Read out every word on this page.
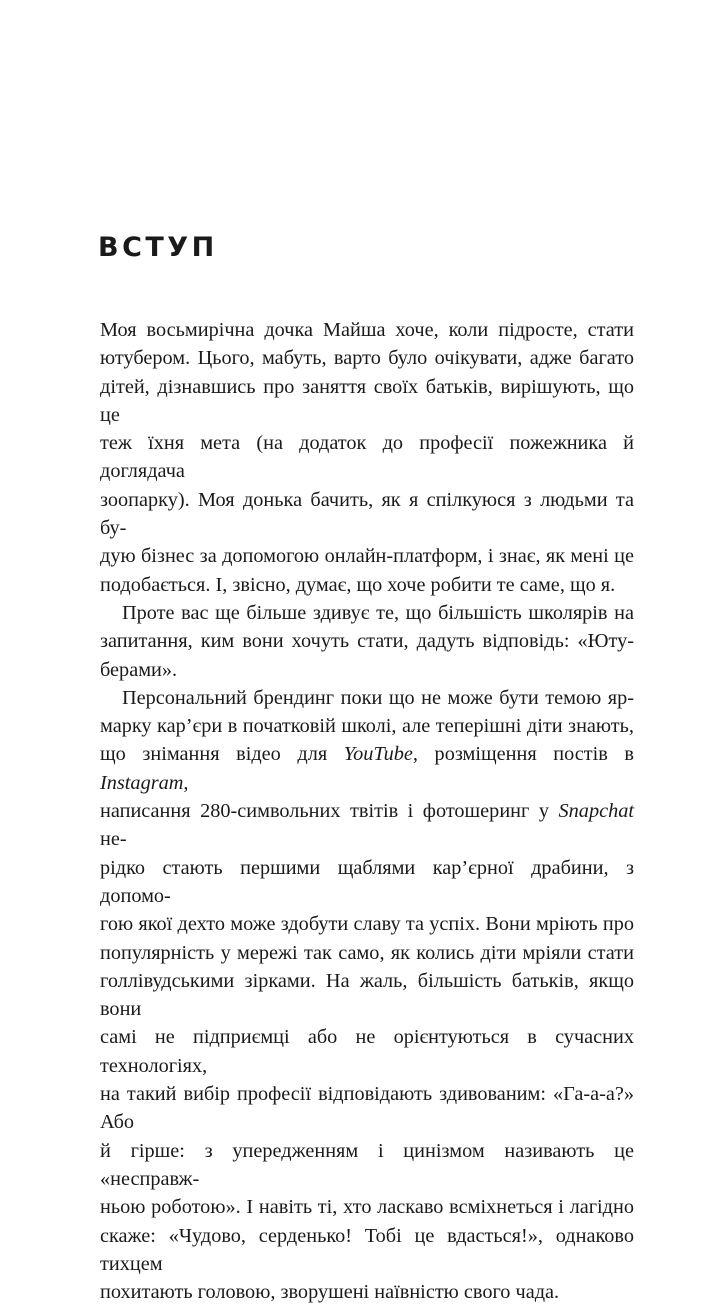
ВСТУП

Моя восьмирічна дочка Майша хоче, коли підросте, стати

ютубером. Цього, мабуть, варто було очікувати, адже багато

дітей, дізнавшись про заняття своїх батьків, вирішують, що це

теж їхня мета (на додаток до професії пожежника й доглядача

зоопарку). Моя донька бачить, як я спілкуюся з людьми та бу-

дую бізнес за допомогою онлайн-платформ, і знає, як мені це

подобається. І, звісно, думає, що хоче робити те саме, що я.

Проте вас ще більше здивує те, що більшість школярів на

запитання, ким вони хочуть стати, дадуть відповідь: «Юту-

берами».

Персональний брендинг поки що не може бути темою яр-

марку кар’єри в початковій школі, але теперішні діти знають,

що знімання відео для YouTube, розміщення постів в Instagram,

написання 280-символьних твітів і фотошеринг у Snapchat не-

рідко стають першими щаблями кар’єрної драбини, з допомо-

гою якої дехто може здобути славу та успіх. Вони мріють про

популярність у мережі так само, як колись діти мріяли стати

голлівудськими зірками. На жаль, більшість батьків, якщо вони

самі не підприємці або не орієнтуються в сучасних технологіях,

на такий вибір професії відповідають здивованим: «Га-а-а?» Або

й гірше: з упередженням і цинізмом називають це «несправж-

ньою роботою». І навіть ті, хто ласкаво всміхнеться і лагідно

скаже: «Чудово, серденько! Тобі це вдасться!», однаково тихцем

похитають головою, зворушені наївністю свого чада.
